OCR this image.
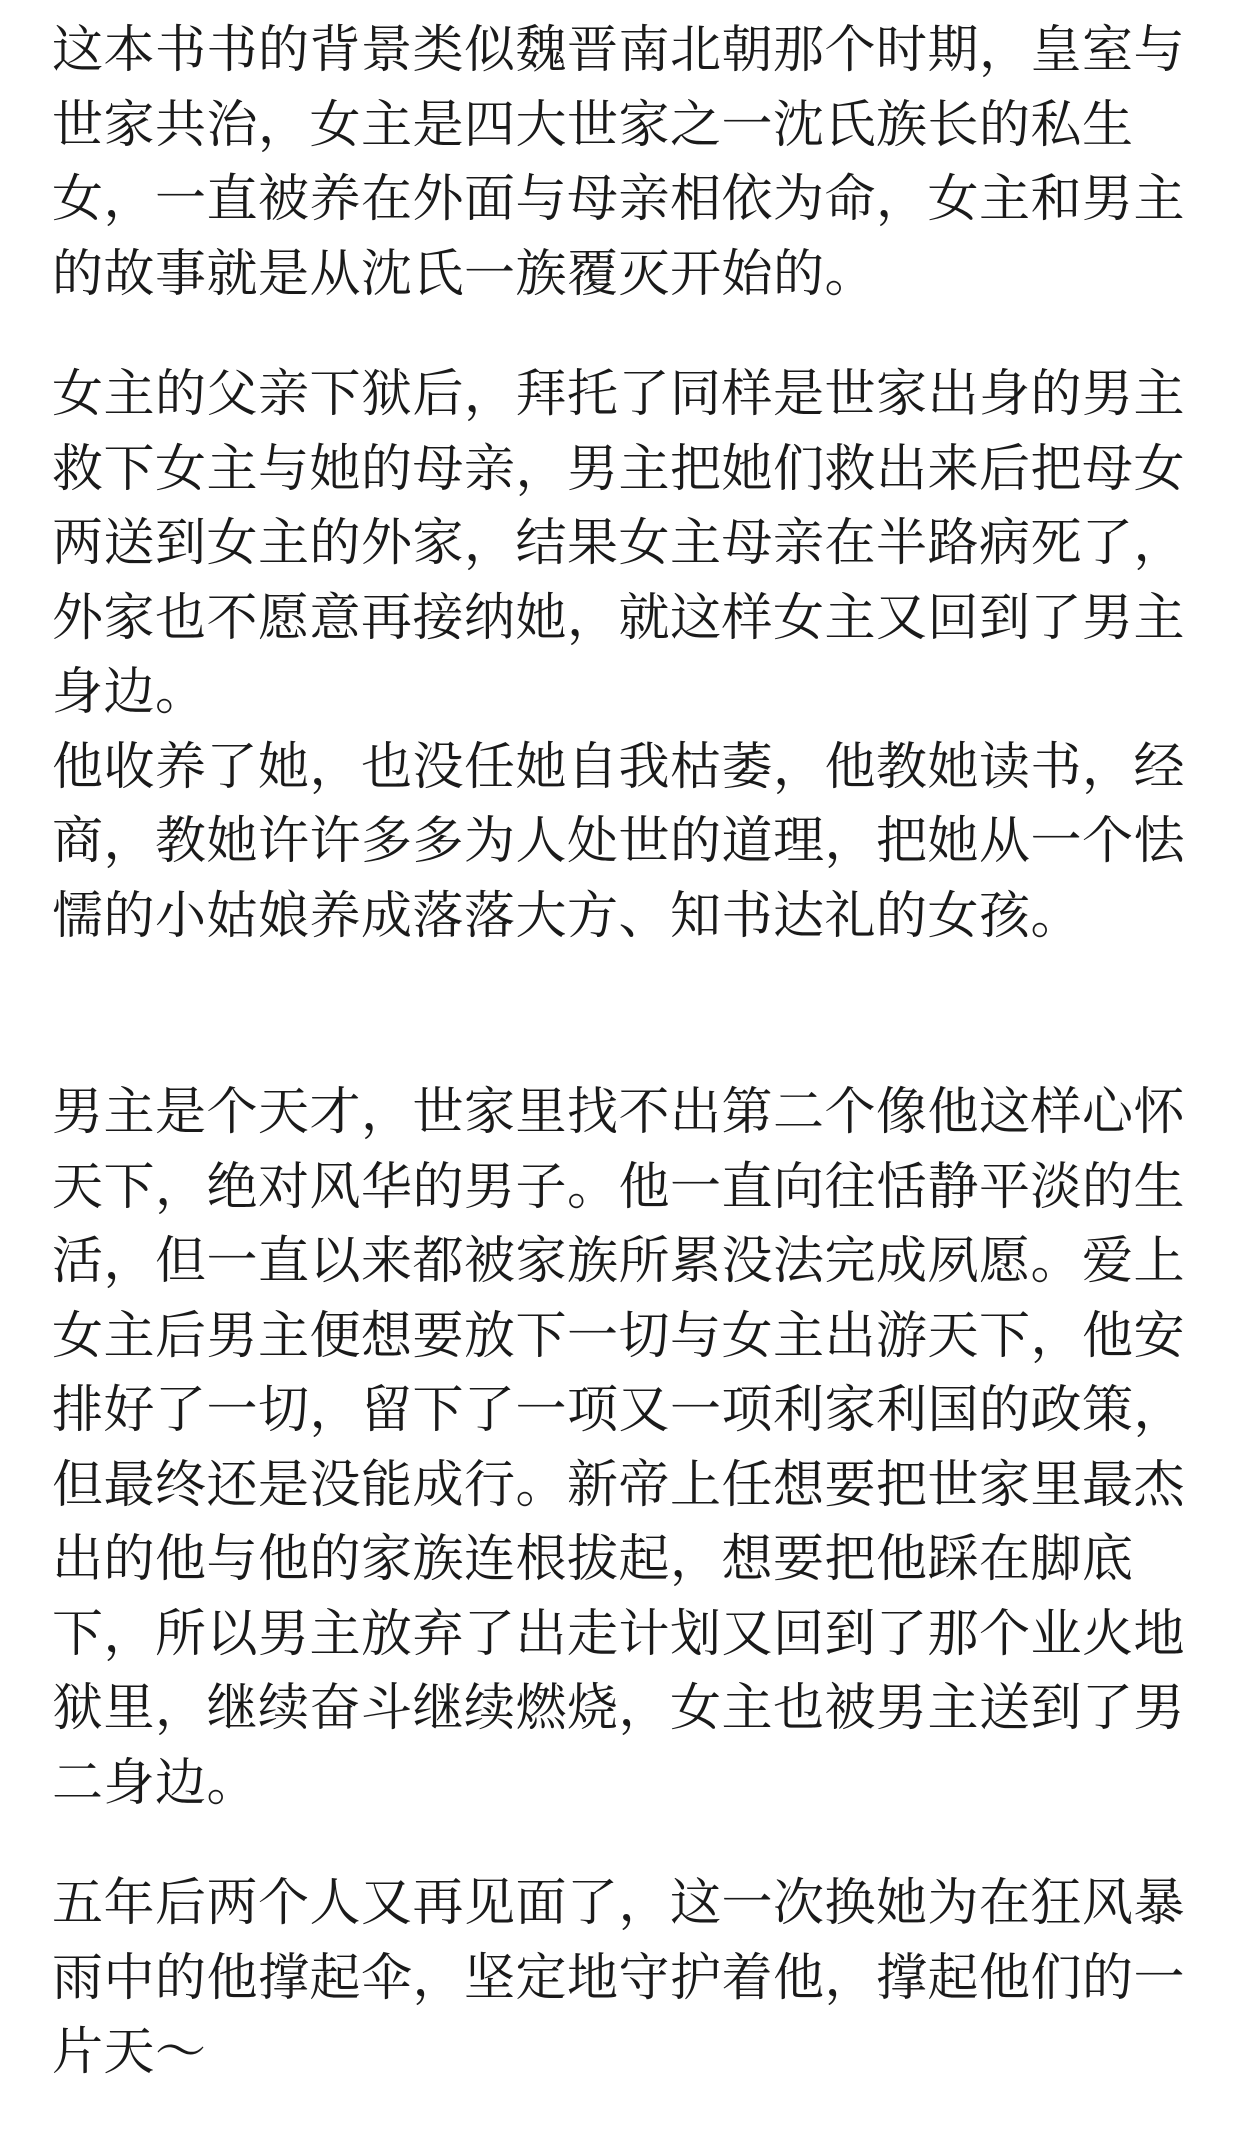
这本书书的背景类似魏晋南北朝那个时期，皇室与世家共治，女主是四大世家之一沈氏族长的私生女，一直被养在外面与母亲相依为命，女主和男主的故事就是从沈氏一族覆灭开始的。

女主的父亲下狱后，拜托了同样是世家出身的男主救下女主与她的母亲，男主把她们救出来后把母女两送到女主的外家，结果女主母亲在半路病死了，外家也不愿意再接纳她，就这样女主又回到了男主身边。
他收养了她，也没任她自我枯萎，他教她读书，经商，教她许许多多为人处世的道理，把她从一个怯懦的小姑娘养成落落大方、知书达礼的女孩。

男主是个天才，世家里找不出第二个像他这样心怀天下，绝对风华的男子。他一直向往恬静平淡的生活，但一直以来都被家族所累没法完成夙愿。爱上女主后男主便想要放下一切与女主出游天下，他安排好了一切，留下了一项又一项利家利国的政策，但最终还是没能成行。新帝上任想要把世家里最杰出的他与他的家族连根拔起，想要把他踩在脚底下，所以男主放弃了出走计划又回到了那个业火地狱里，继续奋斗继续燃烧，女主也被男主送到了男二身边。

五年后两个人又再见面了，这一次换她为在狂风暴雨中的他撑起伞，坚定地守护着他，撑起他们的一片天～
